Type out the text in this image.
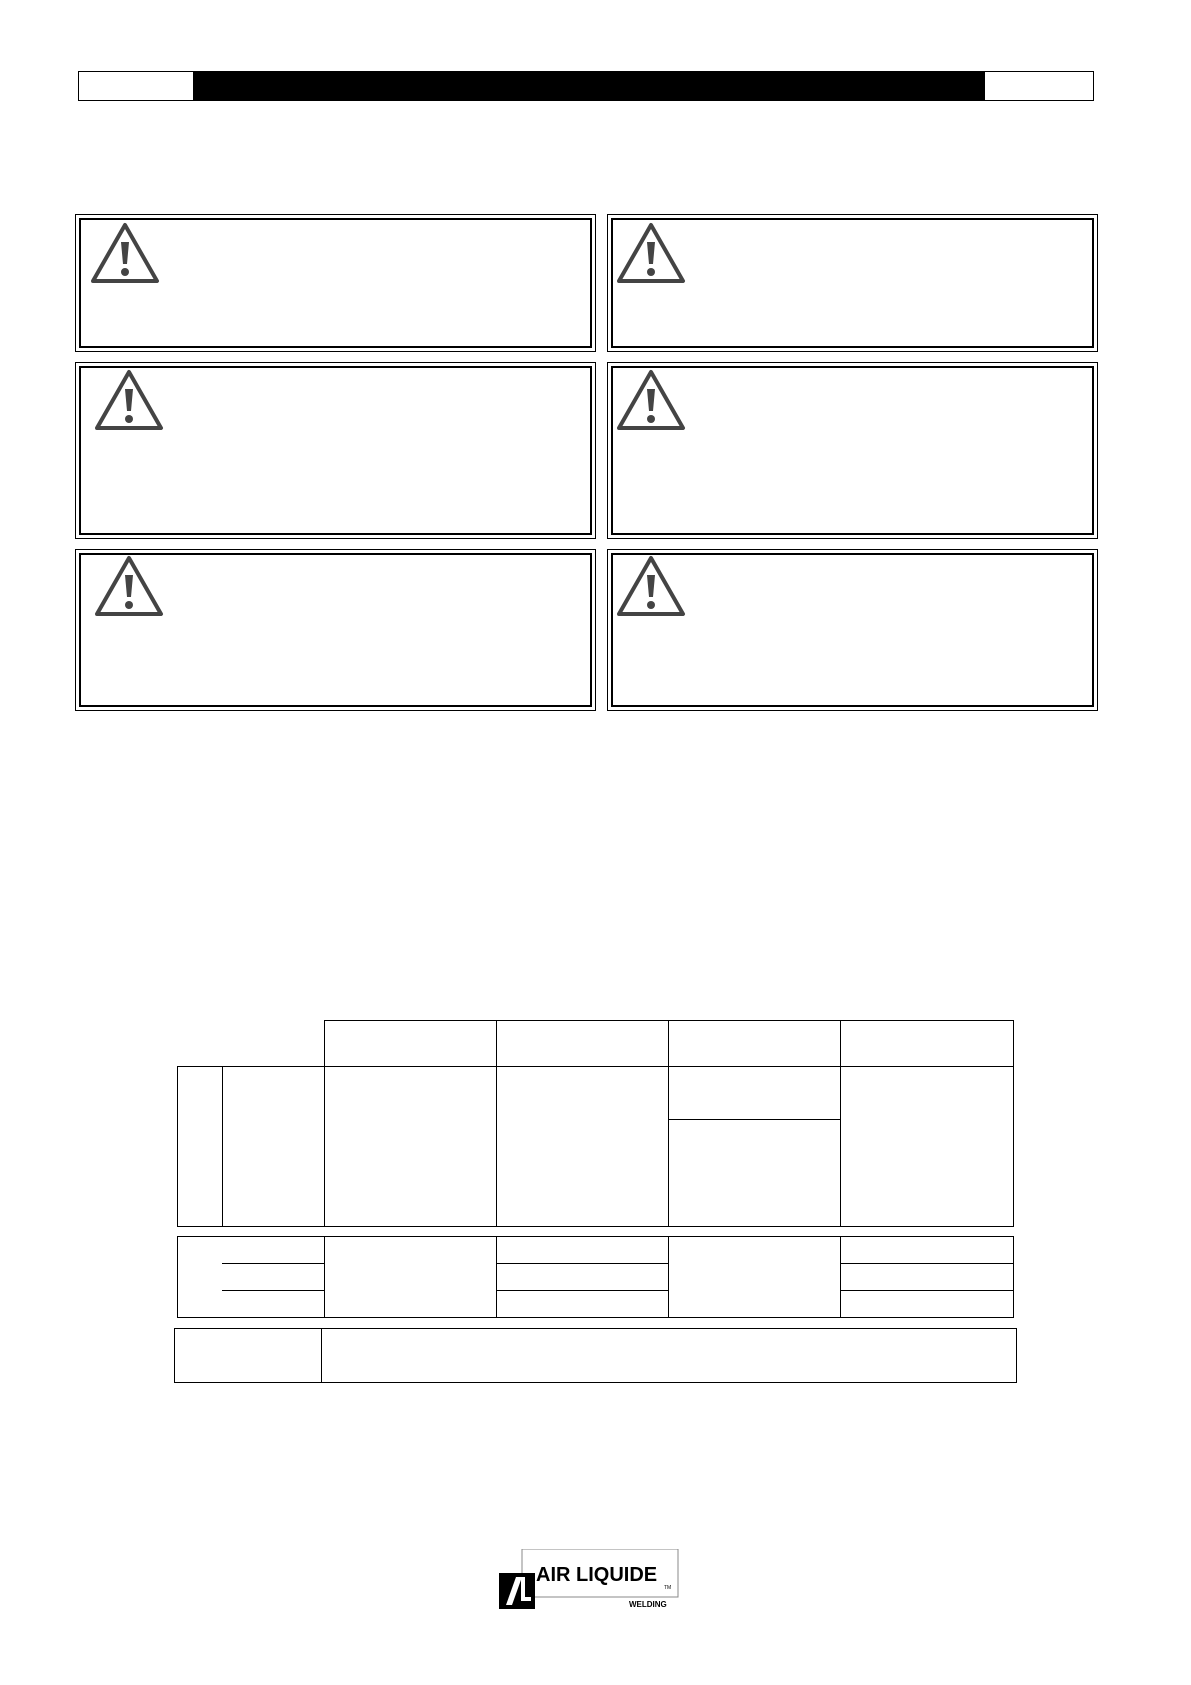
AIR LIQUIDE
TM
WELDING
